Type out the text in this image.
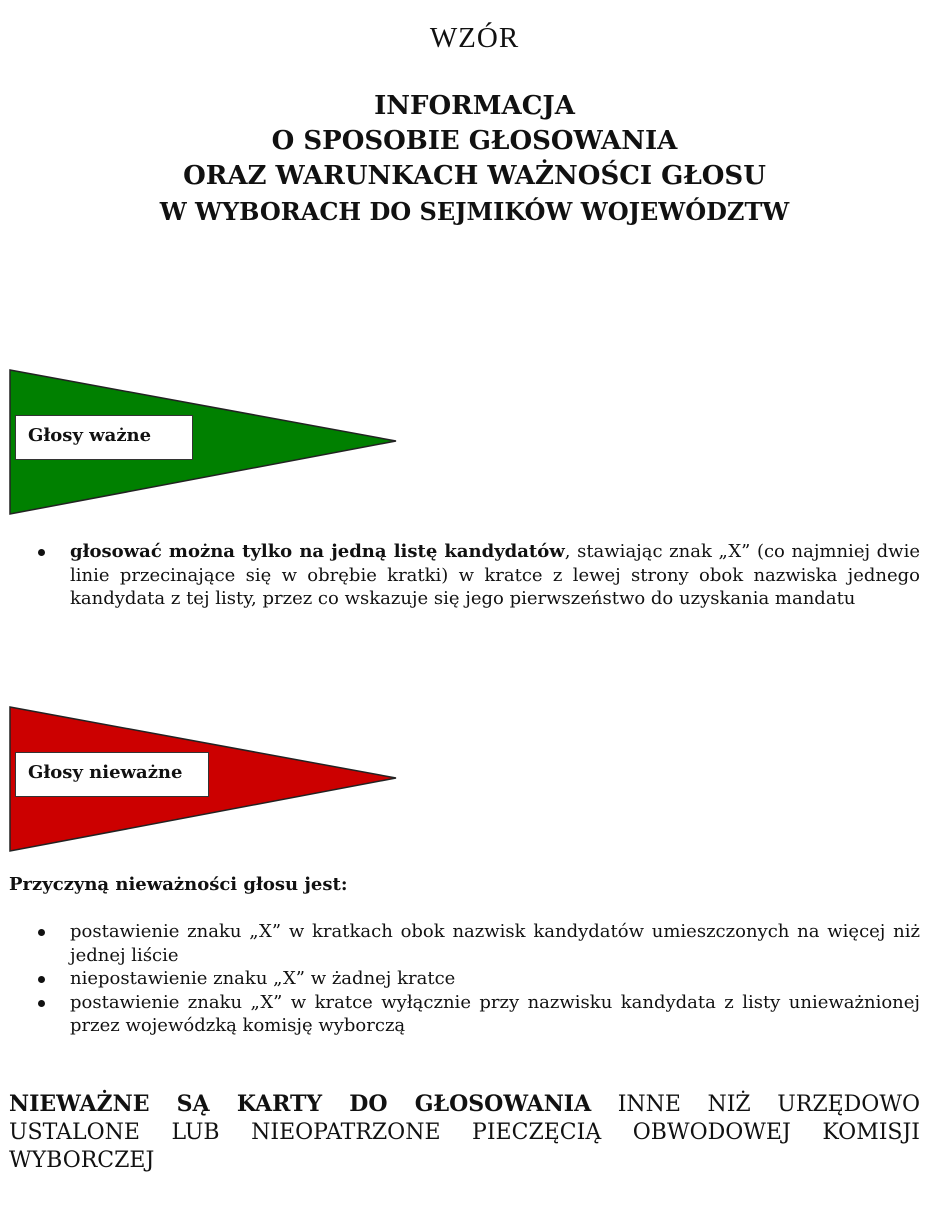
WZÓR
INFORMACJA
O SPOSOBIE GŁOSOWANIA
ORAZ WARUNKACH WAŻNOŚCI GŁOSU
W WYBORACH DO SEJMIKÓW WOJEWÓDZTW
Głosy ważne
głosować można tylko na jedną listę kandydatów, stawiając znak „X” (co najmniej dwie linie przecinające się w obrębie kratki) w kratce z lewej strony obok nazwiska jednego kandydata z tej listy, przez co wskazuje się jego pierwszeństwo do uzyskania mandatu
Głosy nieważne
Przyczyną nieważności głosu jest:
postawienie znaku „X” w kratkach obok nazwisk kandydatów umieszczonych na więcej niż jednej liście
niepostawienie znaku „X” w żadnej kratce
postawienie znaku „X” w kratce wyłącznie przy nazwisku kandydata z listy unieważnionej przez wojewódzką komisję wyborczą
NIEWAŻNE SĄ KARTY DO GŁOSOWANIA INNE NIŻ URZĘDOWO USTALONE LUB NIEOPATRZONE PIECZĘCIĄ OBWODOWEJ KOMISJI WYBORCZEJ
